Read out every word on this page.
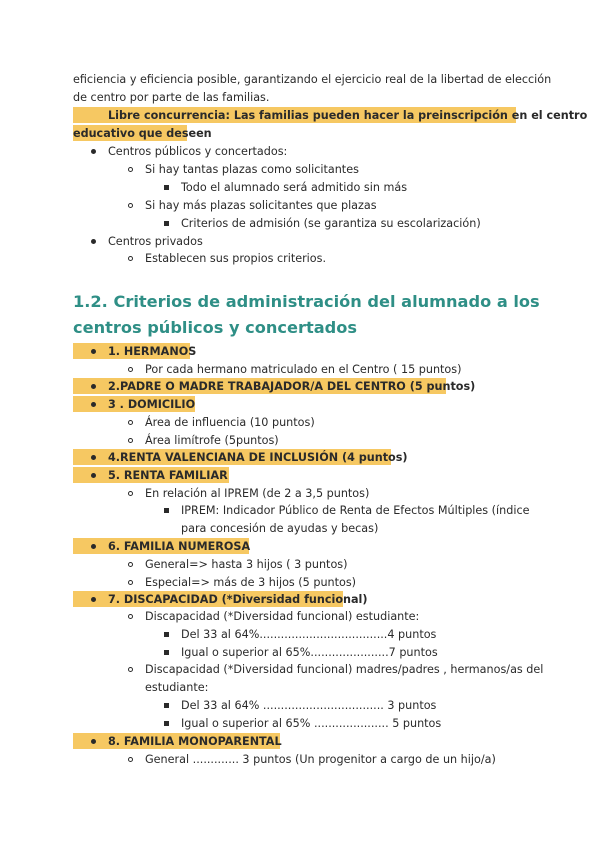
eficiencia y eficiencia posible, garantizando el ejercicio real de la libertad de elección
de centro por parte de las familias.
Libre concurrencia: Las familias pueden hacer la preinscripción en el centro
educativo que deseen
Centros públicos y concertados:
Si hay tantas plazas como solicitantes
Todo el alumnado será admitido sin más
Si hay más plazas solicitantes que plazas
Criterios de admisión (se garantiza su escolarización)
Centros privados
Establecen sus propios criterios.
1.2. Criterios de administración del alumnado a los
centros públicos y concertados
1. HERMANOS
Por cada hermano matriculado en el Centro ( 15 puntos)
2.PADRE O MADRE TRABAJADOR/A DEL CENTRO (5 puntos)
3 . DOMICILIO
Área de influencia (10 puntos)
Área limítrofe (5puntos)
4.RENTA VALENCIANA DE INCLUSIÓN (4 puntos)
5. RENTA FAMILIAR
En relación al IPREM (de 2 a 3,5 puntos)
IPREM: Indicador Público de Renta de Efectos Múltiples (índice
para concesión de ayudas y becas)
6. FAMILIA NUMEROSA
General=> hasta 3 hijos ( 3 puntos)
Especial=> más de 3 hijos (5 puntos)
7. DISCAPACIDAD (*Diversidad funcional)
Discapacidad (*Diversidad funcional) estudiante:
Del 33 al 64%....................................4 puntos
Igual o superior al 65%......................7 puntos
Discapacidad (*Diversidad funcional) madres/padres , hermanos/as del
estudiante:
Del 33 al 64% .................................. 3 puntos
Igual o superior al 65% ..................... 5 puntos
8. FAMILIA MONOPARENTAL
General ............. 3 puntos (Un progenitor a cargo de un hijo/a)
